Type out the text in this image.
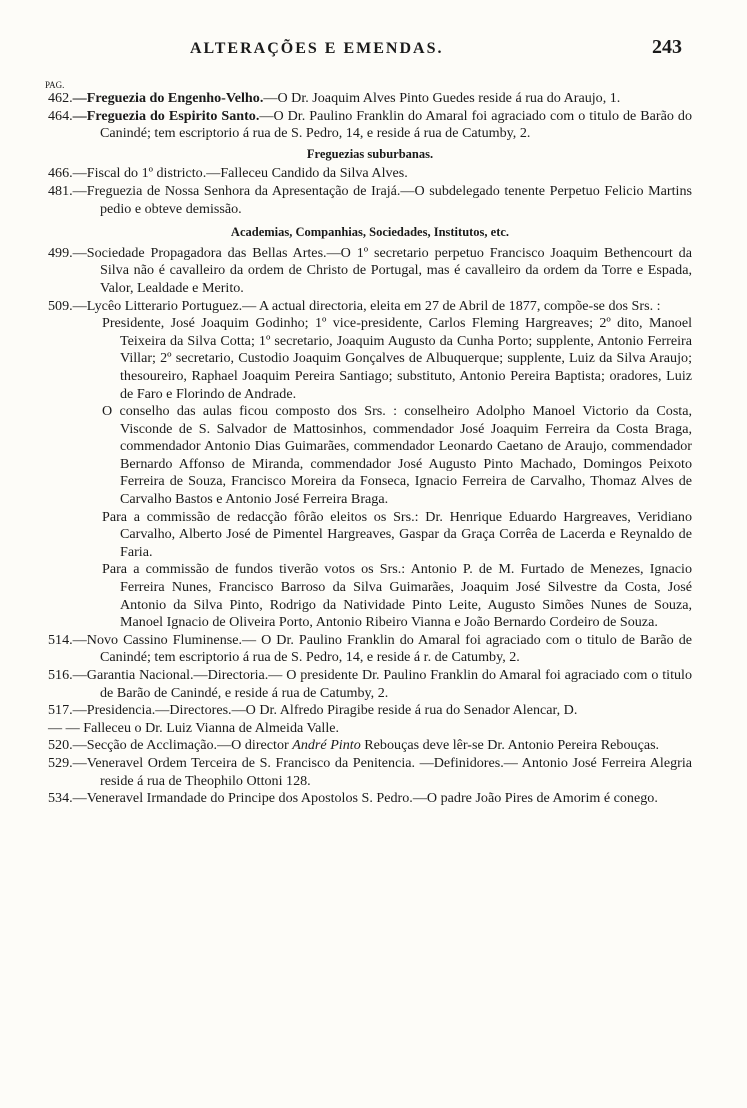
ALTERAÇÕES E EMENDAS.	243
PAG.

462.—Freguezia do Engenho-Velho.—O Dr. Joaquim Alves Pinto Guedes reside á rua do Araujo, 1.

464.—Freguezia do Espirito Santo.—O Dr. Paulino Franklin do Amaral foi agraciado com o titulo de Barão do Canindé; tem escriptorio á rua de S. Pedro, 14, e reside á rua de Catumby, 2.

Freguezias suburbanas.

466.—Fiscal do 1º districto.—Falleceu Candido da Silva Alves.

481.—Freguezia de Nossa Senhora da Apresentação de Irajá.—O subdelegado tenente Perpetuo Felicio Martins pedio e obteve demissão.

Academias, Companhias, Sociedades, Institutos, etc.

499.—Sociedade Propagadora das Bellas Artes.—O 1º secretario perpetuo Francisco Joaquim Bethencourt da Silva não é cavalleiro da ordem de Christo de Portugal, mas é cavalleiro da ordem da Torre e Espada, Valor, Lealdade e Merito.

509.—Lycêo Litterario Portuguez.— A actual directoria, eleita em 27 de Abril de 1877, compõe-se dos Srs. :

Presidente, José Joaquim Godinho; 1º vice-presidente, Carlos Fleming Hargreaves; 2º dito, Manoel Teixeira da Silva Cotta; 1º secretario, Joaquim Augusto da Cunha Porto; supplente, Antonio Ferreira Villar; 2º secretario, Custodio Joaquim Gonçalves de Albuquerque; supplente, Luiz da Silva Araujo; thesoureiro, Raphael Joaquim Pereira Santiago; substituto, Antonio Pereira Baptista; oradores, Luiz de Faro e Florindo de Andrade.

O conselho das aulas ficou composto dos Srs. : conselheiro Adolpho Manoel Victorio da Costa, Visconde de S. Salvador de Mattosinhos, commendador José Joaquim Ferreira da Costa Braga, commendador Antonio Dias Guimarães, commendador Leonardo Caetano de Araujo, commendador Bernardo Affonso de Miranda, commendador José Augusto Pinto Machado, Domingos Peixoto Ferreira de Souza, Francisco Moreira da Fonseca, Ignacio Ferreira de Carvalho, Thomaz Alves de Carvalho Bastos e Antonio José Ferreira Braga.

Para a commissão de redacção fôrão eleitos os Srs.: Dr. Henrique Eduardo Hargreaves, Veridiano Carvalho, Alberto José de Pimentel Hargreaves, Gaspar da Graça Corrêa de Lacerda e Reynaldo de Faria.

Para a commissão de fundos tiverão votos os Srs.: Antonio P. de M. Furtado de Menezes, Ignacio Ferreira Nunes, Francisco Barroso da Silva Guimarães, Joaquim José Silvestre da Costa, José Antonio da Silva Pinto, Rodrigo da Natividade Pinto Leite, Augusto Simões Nunes de Souza, Manoel Ignacio de Oliveira Porto, Antonio Ribeiro Vianna e João Bernardo Cordeiro de Souza.

514.—Novo Cassino Fluminense.— O Dr. Paulino Franklin do Amaral foi agraciado com o titulo de Barão de Canindé; tem escriptorio á rua de S. Pedro, 14, e reside á r. de Catumby, 2.

516.—Garantia Nacional.—Directoria.— O presidente Dr. Paulino Franklin do Amaral foi agraciado com o titulo de Barão de Canindé, e reside á rua de Catumby, 2.

517.—Presidencia.—Directores.—O Dr. Alfredo Piragibe reside á rua do Senador Alencar, D.

— — Falleceu o Dr. Luiz Vianna de Almeida Valle.

520.—Secção de Acclimação.—O director André Pinto Rebouças deve lêr-se Dr. Antonio Pereira Rebouças.

529.—Veneravel Ordem Terceira de S. Francisco da Penitencia. —Definidores.— Antonio José Ferreira Alegria reside á rua de Theophilo Ottoni 128.

534.—Veneravel Irmandade do Principe dos Apostolos S. Pedro.—O padre João Pires de Amorim é conego.
